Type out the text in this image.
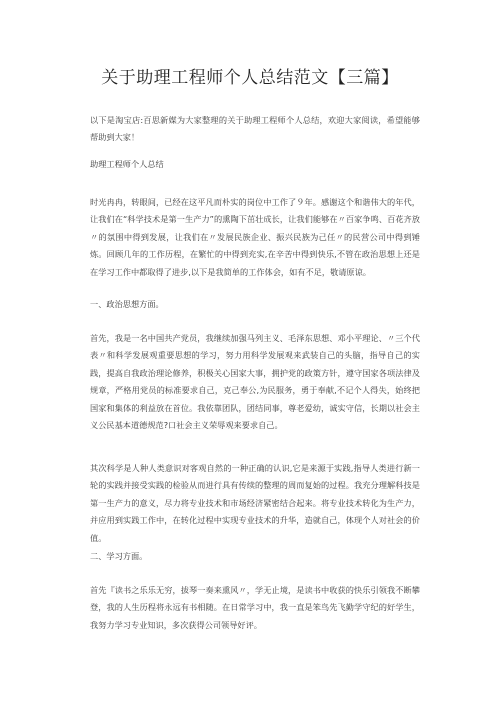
关于助理工程师个人总结范文【三篇】
以下是淘宝店:百思新媒为大家整理的关于助理工程师个人总结，欢迎大家阅读，希望能够帮助到大家！
助理工程师个人总结
时光冉冉，转眼间，已经在这平凡而朴实的岗位中工作了９年。感谢这个和谐伟大的年代，让我们在“科学技术是第一生产力”的熏陶下茁壮成长，让我们能够在〃百家争鸣、百花齐放〃的氛围中得到发展，让我们在〃发展民族企业、振兴民族为己任〃的民营公司中得到锤炼。回顾几年的工作历程，在繁忙的中得到充实,在辛苦中得到快乐,不管在政治思想上还是在学习工作中都取得了进步,以下是我简单的工作体会，如有不足，敬请原谅。
一、政治思想方面。
首先，我是一名中国共产党员，我继续加强马列主义、毛泽东思想、邓小平理论、〃三个代表〃和科学发展观重要思想的学习，努力用科学发展观来武装自己的头脑，指导自己的实践，提高自我政治理论修养，积极关心国家大事，拥护党的政策方针，遵守国家各项法律及规章，严格用党员的标准要求自己，克己奉公,为民服务，勇于奉献,不记个人得失，始终把国家和集体的利益放在首位。我依靠团队，团结同事，尊老爱幼，诚实守信，长期以社会主义公民基本道德规范?口社会主义荣辱观来要求自己。
其次科学是人种人类意识对客观自然的一种正确的认识,它是来源于实践,指导人类进行新一轮的实践并接受实践的检验从而进行具有传续的整理的周而复始的过程。我充分理解科技是第一生产力的意义，尽力将专业技术和市场经济紧密结合起来。将专业技术转化为生产力，并应用到实践工作中，在转化过程中实现专业技术的升华，造就自己，体现个人对社会的价值。
二、学习方面。
首先『读书之乐乐无穷，拔琴一奏来熏风〃，学无止境，是读书中收获的快乐引领我不断攀登，我的人生历程将永远有书相随。在日常学习中，我一直是笨鸟先飞勤学守纪的好学生，我努力学习专业知识，多次获得公司领导好评。
